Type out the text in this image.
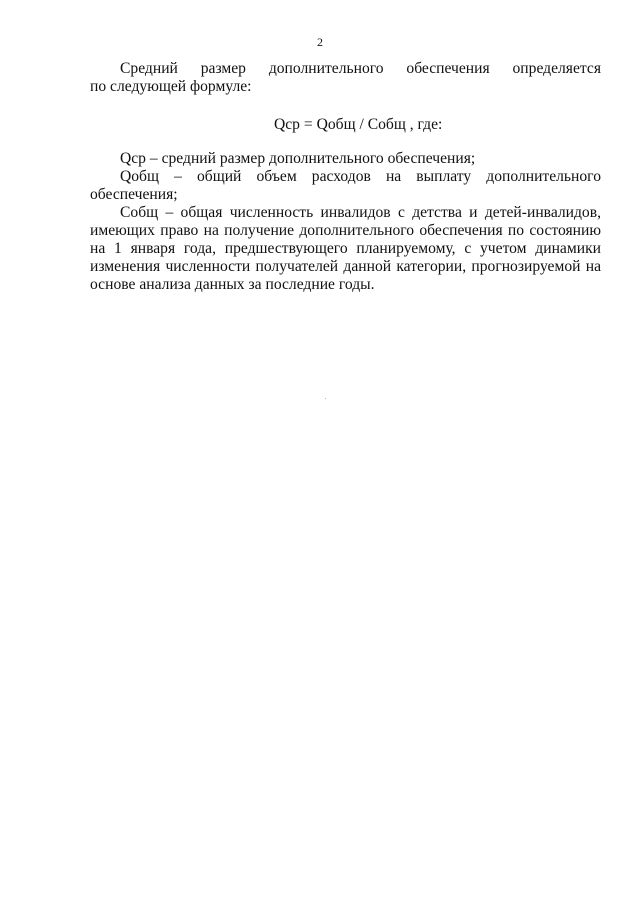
2

Средний размер дополнительного обеспечения определяется

по следующей формуле:

Qср = Qобщ / Cобщ , где:

Qср – средний размер дополнительного обеспечения;

Qобщ – общий объем расходов на выплату дополнительного обеспечения;

Cобщ – общая численность инвалидов с детства и детей-инвалидов, имеющих право на получение дополнительного обеспечения по состоянию на 1 января года, предшествующего планируемому, с учетом динамики изменения численности получателей данной категории, прогнозируемой на основе анализа данных за последние годы.
